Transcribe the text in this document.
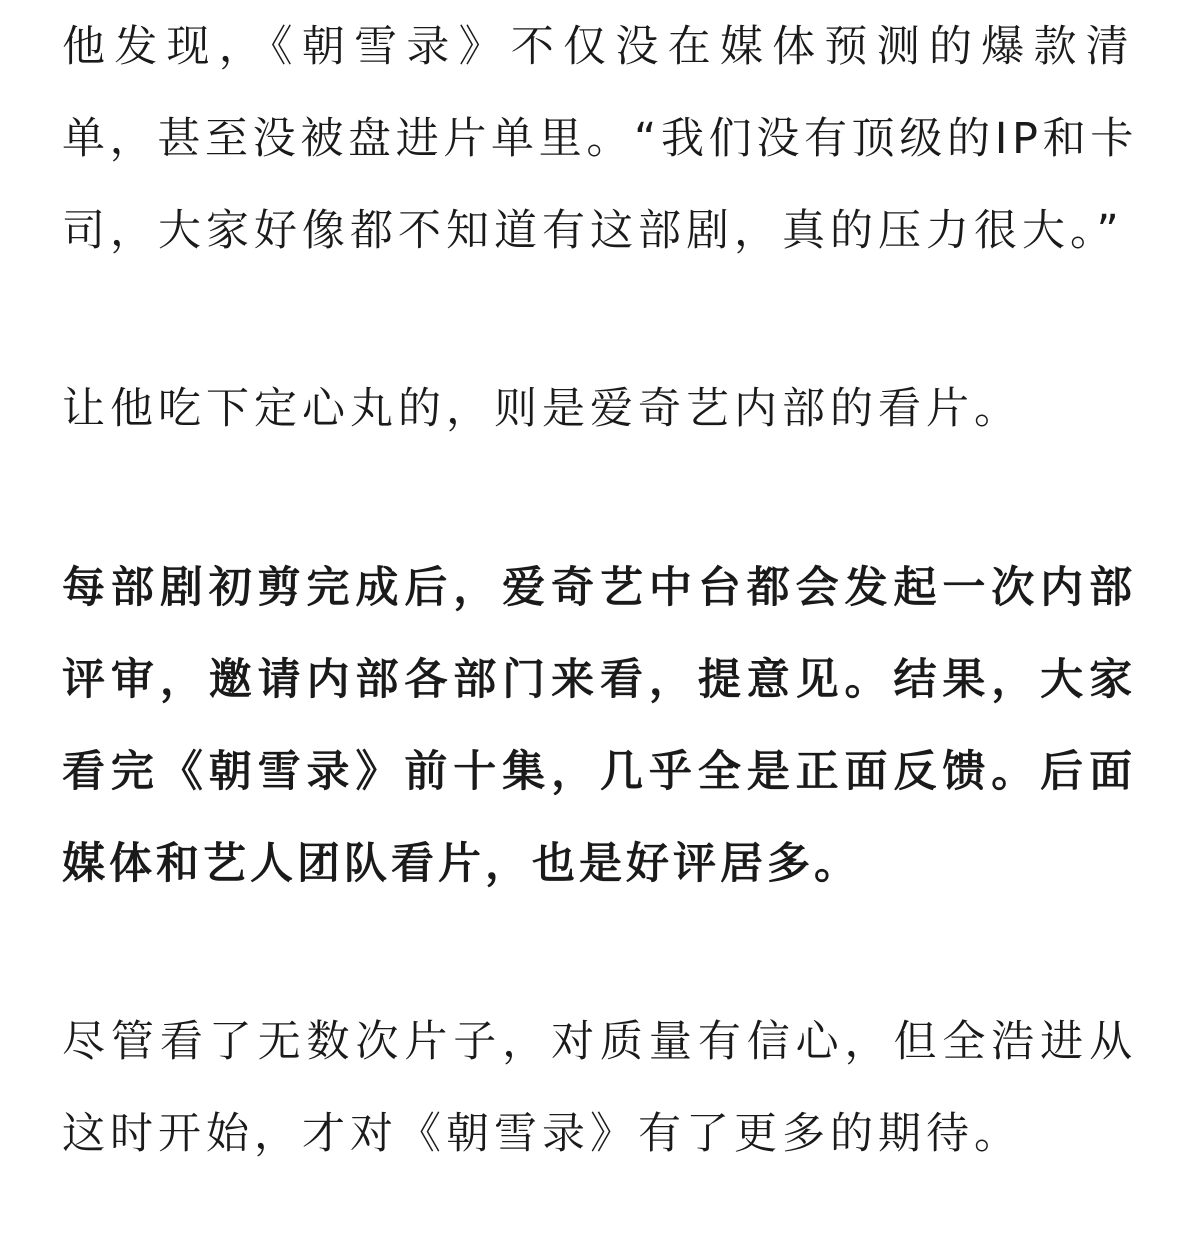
他发现，《朝雪录》不仅没在媒体预测的爆款清
单，甚至没被盘进片单里。“我们没有顶级的IP和卡
司，大家好像都不知道有这部剧，真的压力很大。”
让他吃下定心丸的，则是爱奇艺内部的看片。
每部剧初剪完成后，爱奇艺中台都会发起一次内部
评审，邀请内部各部门来看，提意见。结果，大家
看完《朝雪录》前十集，几乎全是正面反馈。后面
媒体和艺人团队看片，也是好评居多。
尽管看了无数次片子，对质量有信心，但全浩进从
这时开始，才对《朝雪录》有了更多的期待。
